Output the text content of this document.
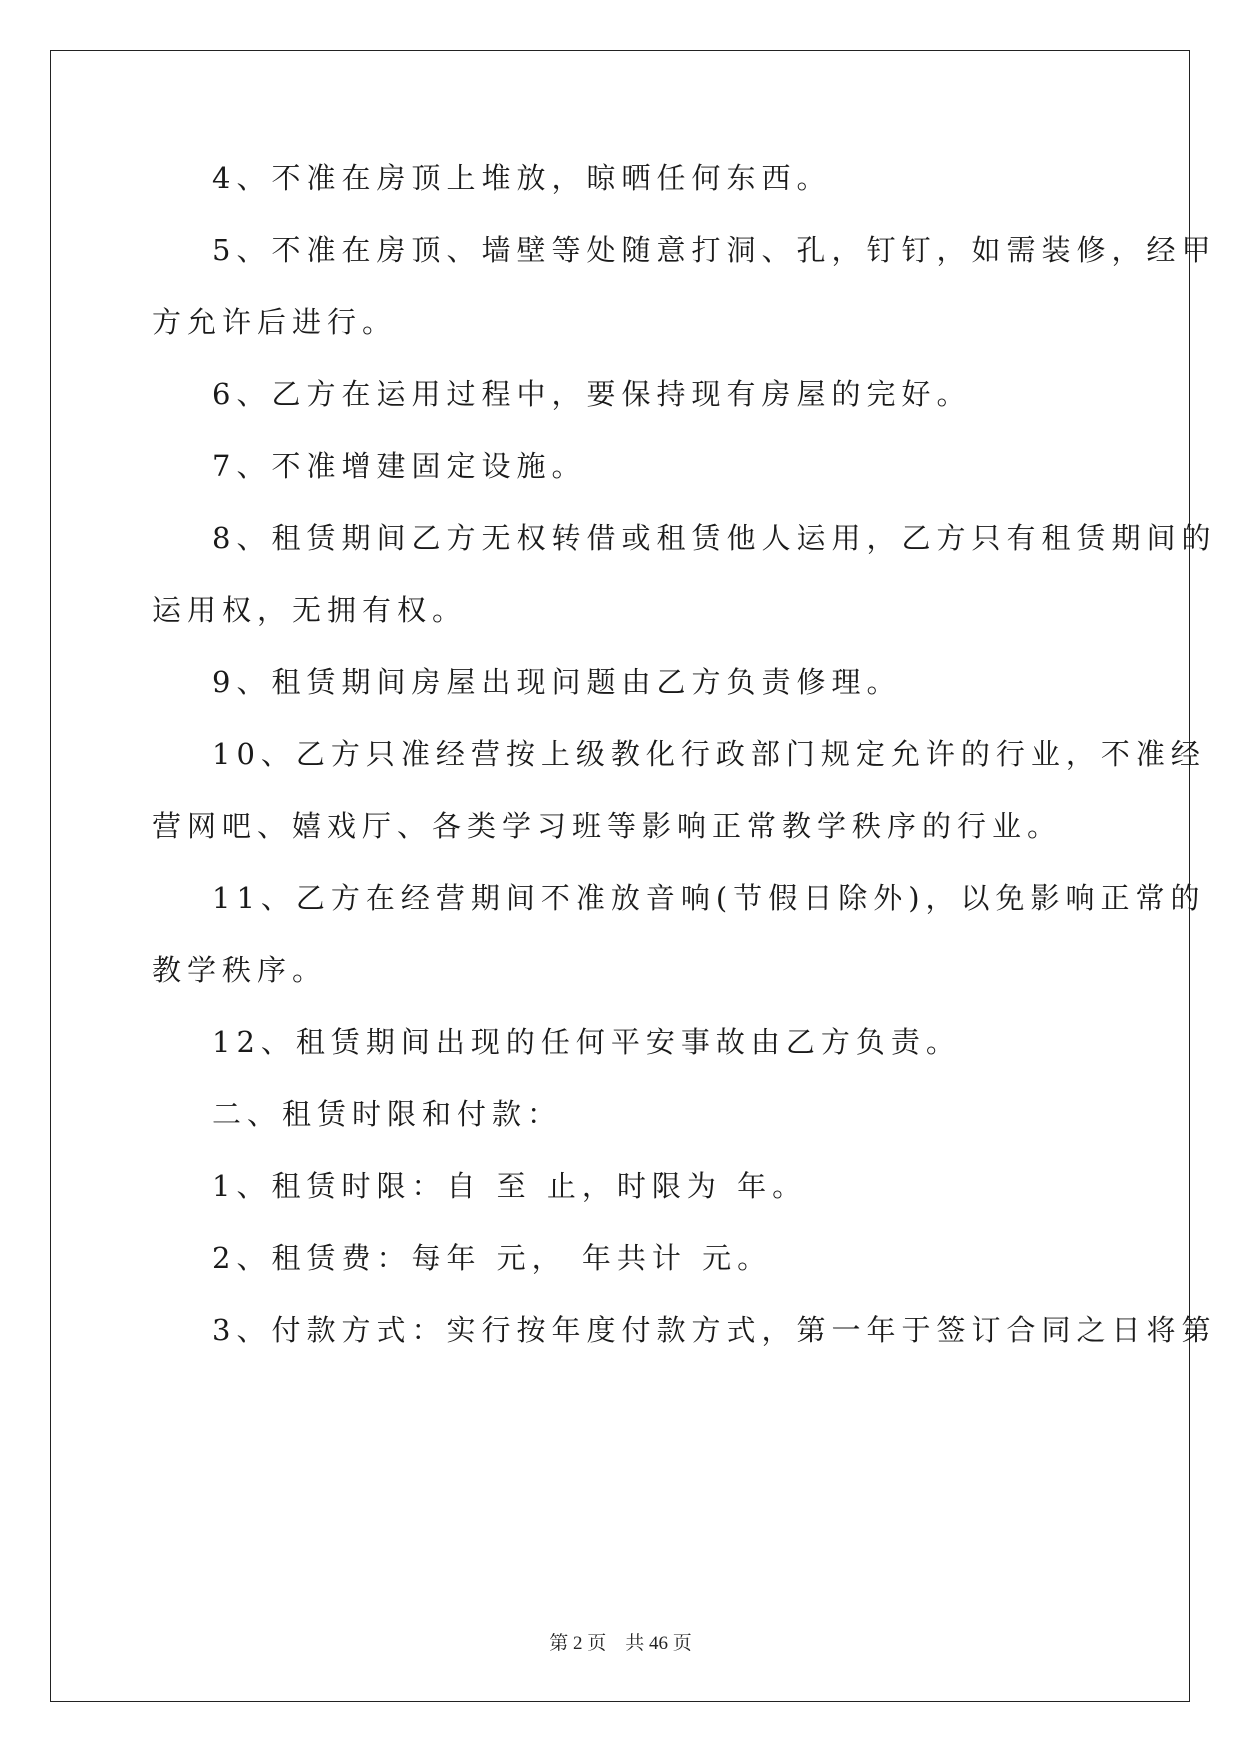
4、不准在房顶上堆放，晾晒任何东西。
5、不准在房顶、墙壁等处随意打洞、孔，钉钉，如需装修，经甲
方允许后进行。
6、乙方在运用过程中，要保持现有房屋的完好。
7、不准增建固定设施。
8、租赁期间乙方无权转借或租赁他人运用，乙方只有租赁期间的
运用权，无拥有权。
9、租赁期间房屋出现问题由乙方负责修理。
10、乙方只准经营按上级教化行政部门规定允许的行业，不准经
营网吧、嬉戏厅、各类学习班等影响正常教学秩序的行业。
11、乙方在经营期间不准放音响(节假日除外)，以免影响正常的
教学秩序。
12、租赁期间出现的任何平安事故由乙方负责。
二、租赁时限和付款：
1、租赁时限：自 至 止，时限为 年。
2、租赁费：每年 元， 年共计 元。
3、付款方式：实行按年度付款方式，第一年于签订合同之日将第
第 2 页　共 46 页
